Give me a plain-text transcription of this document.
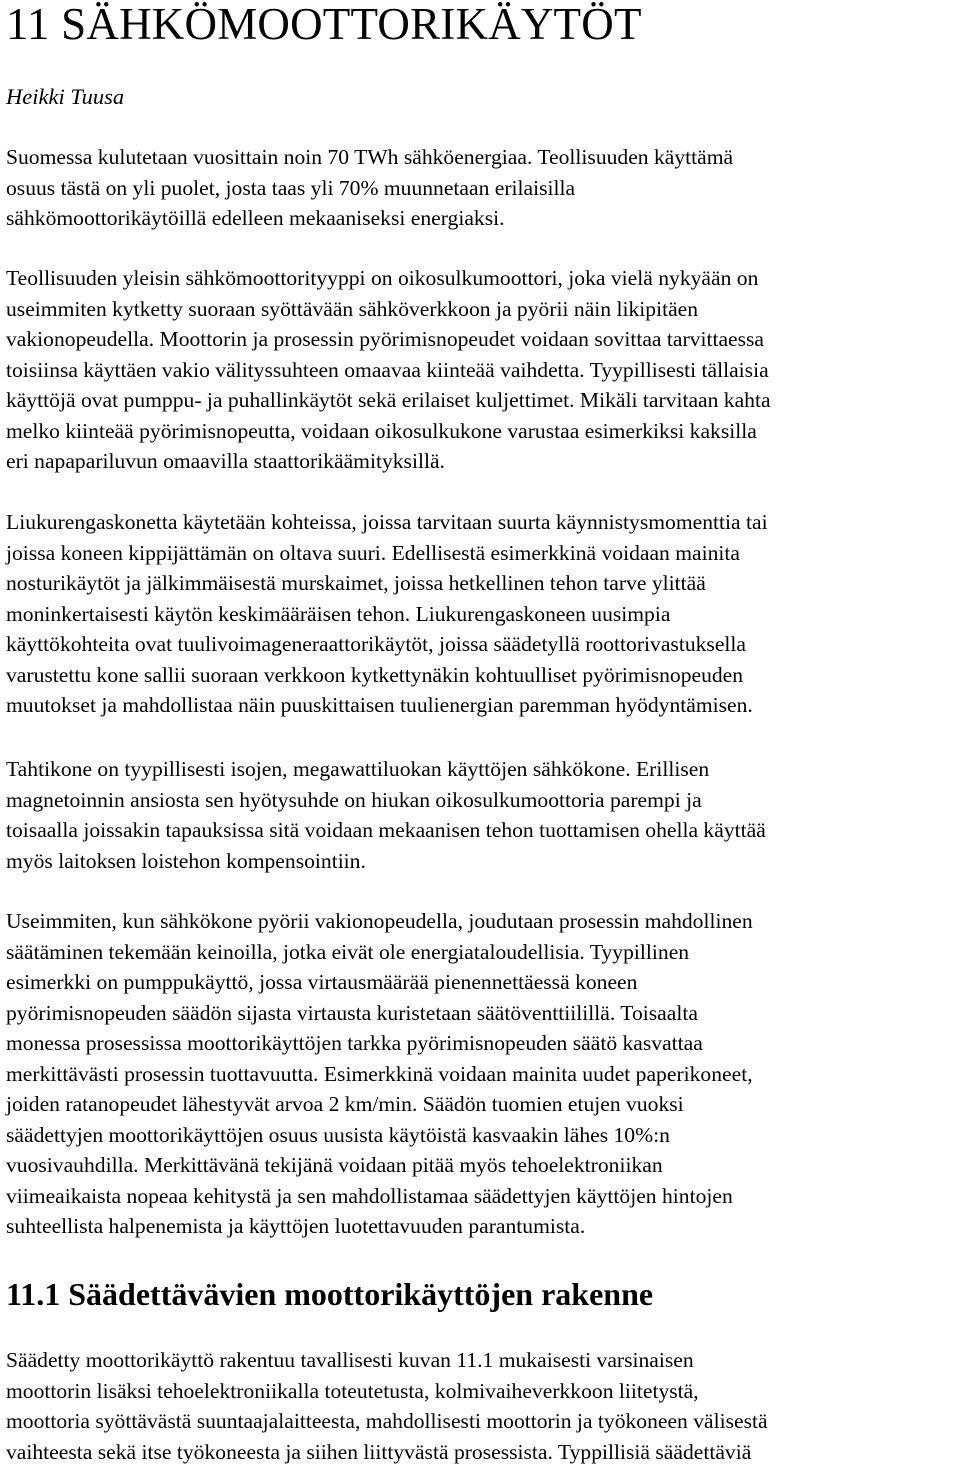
11 SÄHKÖMOOTTORIKÄYTÖT
Heikki Tuusa

Suomessa kulutetaan vuosittain noin 70 TWh sähköenergiaa. Teollisuuden käyttämä
osuus tästä on yli puolet, josta taas yli 70% muunnetaan erilaisilla
sähkömoottorikäytöillä edelleen mekaaniseksi energiaksi.

Teollisuuden yleisin sähkömoottorityyppi on oikosulkumoottori, joka vielä nykyään on
useimmiten kytketty suoraan syöttävään sähköverkkoon ja pyörii näin likipitäen
vakionopeudella. Moottorin ja prosessin pyörimisnopeudet voidaan sovittaa tarvittaessa
toisiinsa käyttäen vakio välityssuhteen omaavaa kiinteää vaihdetta. Tyypillisesti tällaisia
käyttöjä ovat pumppu- ja puhallinkäytöt sekä erilaiset kuljettimet. Mikäli tarvitaan kahta
melko kiinteää pyörimisnopeutta, voidaan oikosulkukone varustaa esimerkiksi kaksilla
eri napapariluvun omaavilla staattorikäämityksillä.

Liukurengaskonetta käytetään kohteissa, joissa tarvitaan suurta käynnistysmomenttia tai
joissa koneen kippijättämän on oltava suuri. Edellisestä esimerkkinä voidaan mainita
nosturikäytöt ja jälkimmäisestä murskaimet, joissa hetkellinen tehon tarve ylittää
moninkertaisesti käytön keskimääräisen tehon. Liukurengaskoneen uusimpia
käyttökohteita ovat tuulivoimageneraattorikäytöt, joissa säädetyllä roottorivastuksella
varustettu kone sallii suoraan verkkoon kytkettynäkin kohtuulliset pyörimisnopeuden
muutokset ja mahdollistaa näin puuskittaisen tuulienergian paremman hyödyntämisen.

Tahtikone on tyypillisesti isojen, megawattiluokan käyttöjen sähkökone. Erillisen
magnetoinnin ansiosta sen hyötysuhde on hiukan oikosulkumoottoria parempi ja
toisaalla joissakin tapauksissa sitä voidaan mekaanisen tehon tuottamisen ohella käyttää
myös laitoksen loistehon kompensointiin.

Useimmiten, kun sähkökone pyörii vakionopeudella, joudutaan prosessin mahdollinen
säätäminen tekemään keinoilla, jotka eivät ole energiataloudellisia. Tyypillinen
esimerkki on pumppukäyttö, jossa virtausmäärää pienennettäessä koneen
pyörimisnopeuden säädön sijasta virtausta kuristetaan säätöventtiilillä. Toisaalta
monessa prosessissa moottorikäyttöjen tarkka pyörimisnopeuden säätö kasvattaa
merkittävästi prosessin tuottavuutta. Esimerkkinä voidaan mainita uudet paperikoneet,
joiden ratanopeudet lähestyvät arvoa 2 km/min. Säädön tuomien etujen vuoksi
säädettyjen moottorikäyttöjen osuus uusista käytöistä kasvaakin lähes 10%:n
vuosivauhdilla. Merkittävänä tekijänä voidaan pitää myös tehoelektroniikan
viimeaikaista nopeaa kehitystä ja sen mahdollistamaa säädettyjen käyttöjen hintojen
suhteellista halpenemista ja käyttöjen luotettavuuden parantumista.

11.1 Säädettävävien moottorikäyttöjen rakenne

Säädetty moottorikäyttö rakentuu tavallisesti kuvan 11.1 mukaisesti varsinaisen
moottorin lisäksi tehoelektroniikalla toteutetusta, kolmivaiheverkkoon liitetystä,
moottoria syöttävästä suuntaajalaitteesta, mahdollisesti moottorin ja työkoneen välisestä
vaihteesta sekä itse työkoneesta ja siihen liittyvästä prosessista. Typpillisiä säädettäviä
